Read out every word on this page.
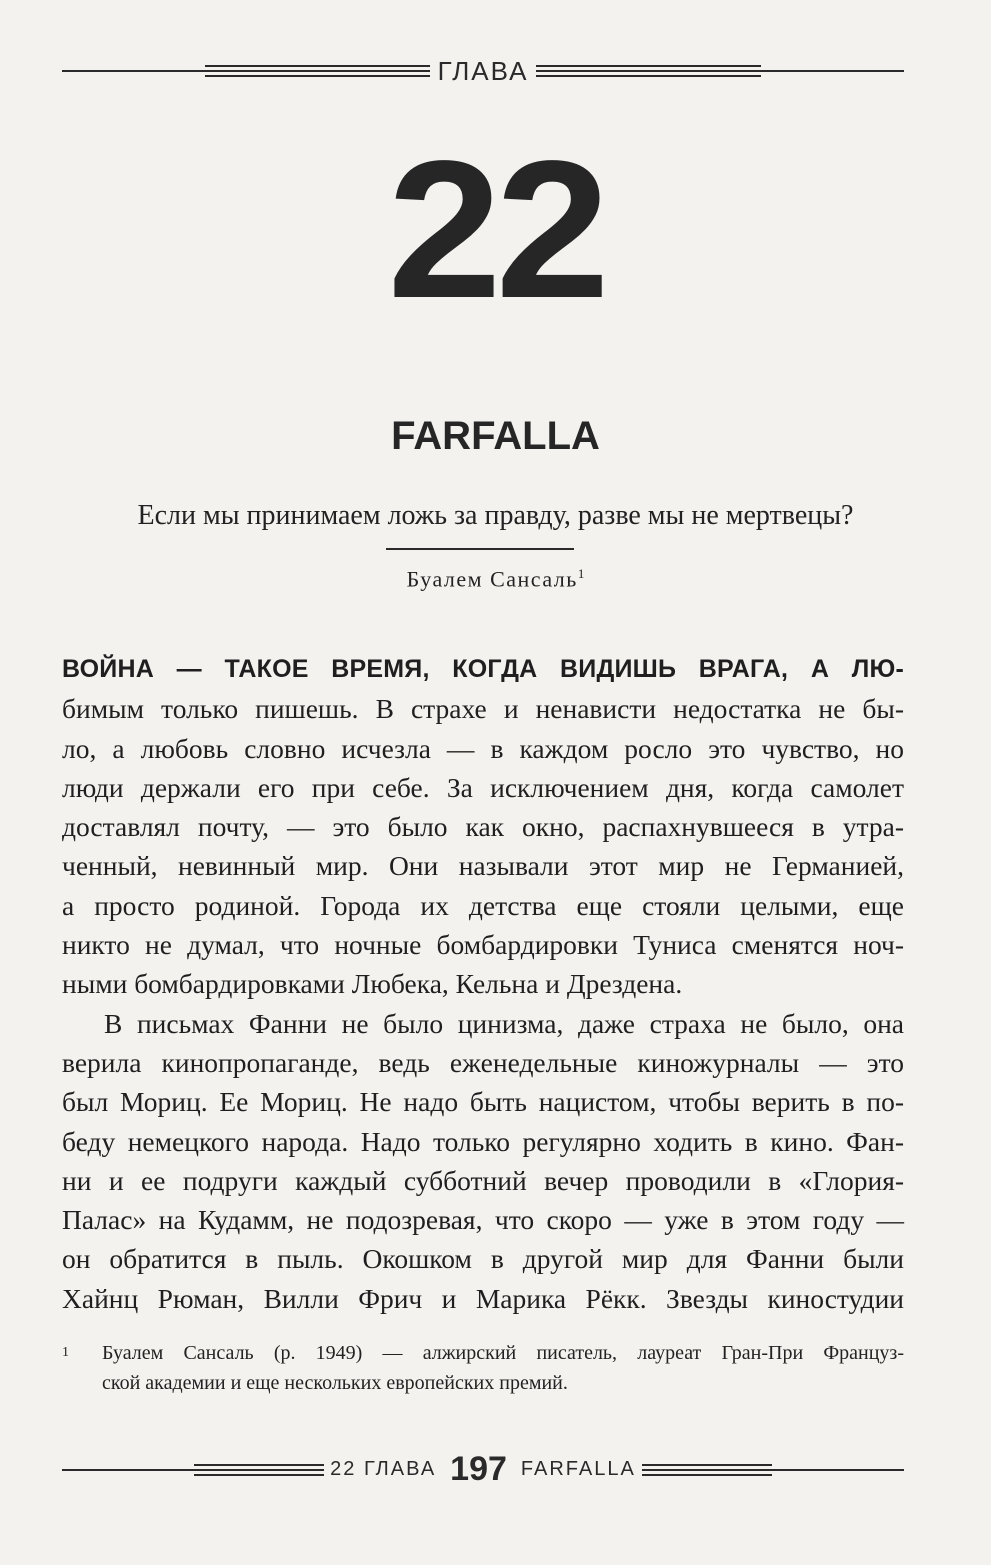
ГЛАВА
22
FARFALLA
Если мы принимаем ложь за правду, разве мы не мертвецы?
Буалем Сансаль$^1$

ВОЙНА — ТАКОЕ ВРЕМЯ, КОГДА ВИДИШЬ ВРАГА, А ЛЮ-
бимым только пишешь. В страхе и ненависти недостатка не бы-
ло, а любовь словно исчезла — в каждом росло это чувство, но
люди держали его при себе. За исключением дня, когда самолет
доставлял почту, — это было как окно, распахнувшееся в утра-
ченный, невинный мир. Они называли этот мир не Германией,
а просто родиной. Города их детства еще стояли целыми, еще
никто не думал, что ночные бомбардировки Туниса сменятся ноч-
ными бомбардировками Любека, Кельна и Дрездена.

В письмах Фанни не было цинизма, даже страха не было, она
верила кинопропаганде, ведь еженедельные киножурналы — это
был Мориц. Ее Мориц. Не надо быть нацистом, чтобы верить в по-
беду немецкого народа. Надо только регулярно ходить в кино. Фан-
ни и ее подруги каждый субботний вечер проводили в «Глория-
Палас» на Кудамм, не подозревая, что скоро — уже в этом году —
он обратится в пыль. Окошком в другой мир для Фанни были
Хайнц Рюман, Вилли Фрич и Марика Рёкк. Звезды киностудии

1 Буалем Сансаль (р. 1949) — алжирский писатель, лауреат Гран-При Француз-
ской академии и еще нескольких европейских премий.
22 ГЛАВА 197 FARFALLA
